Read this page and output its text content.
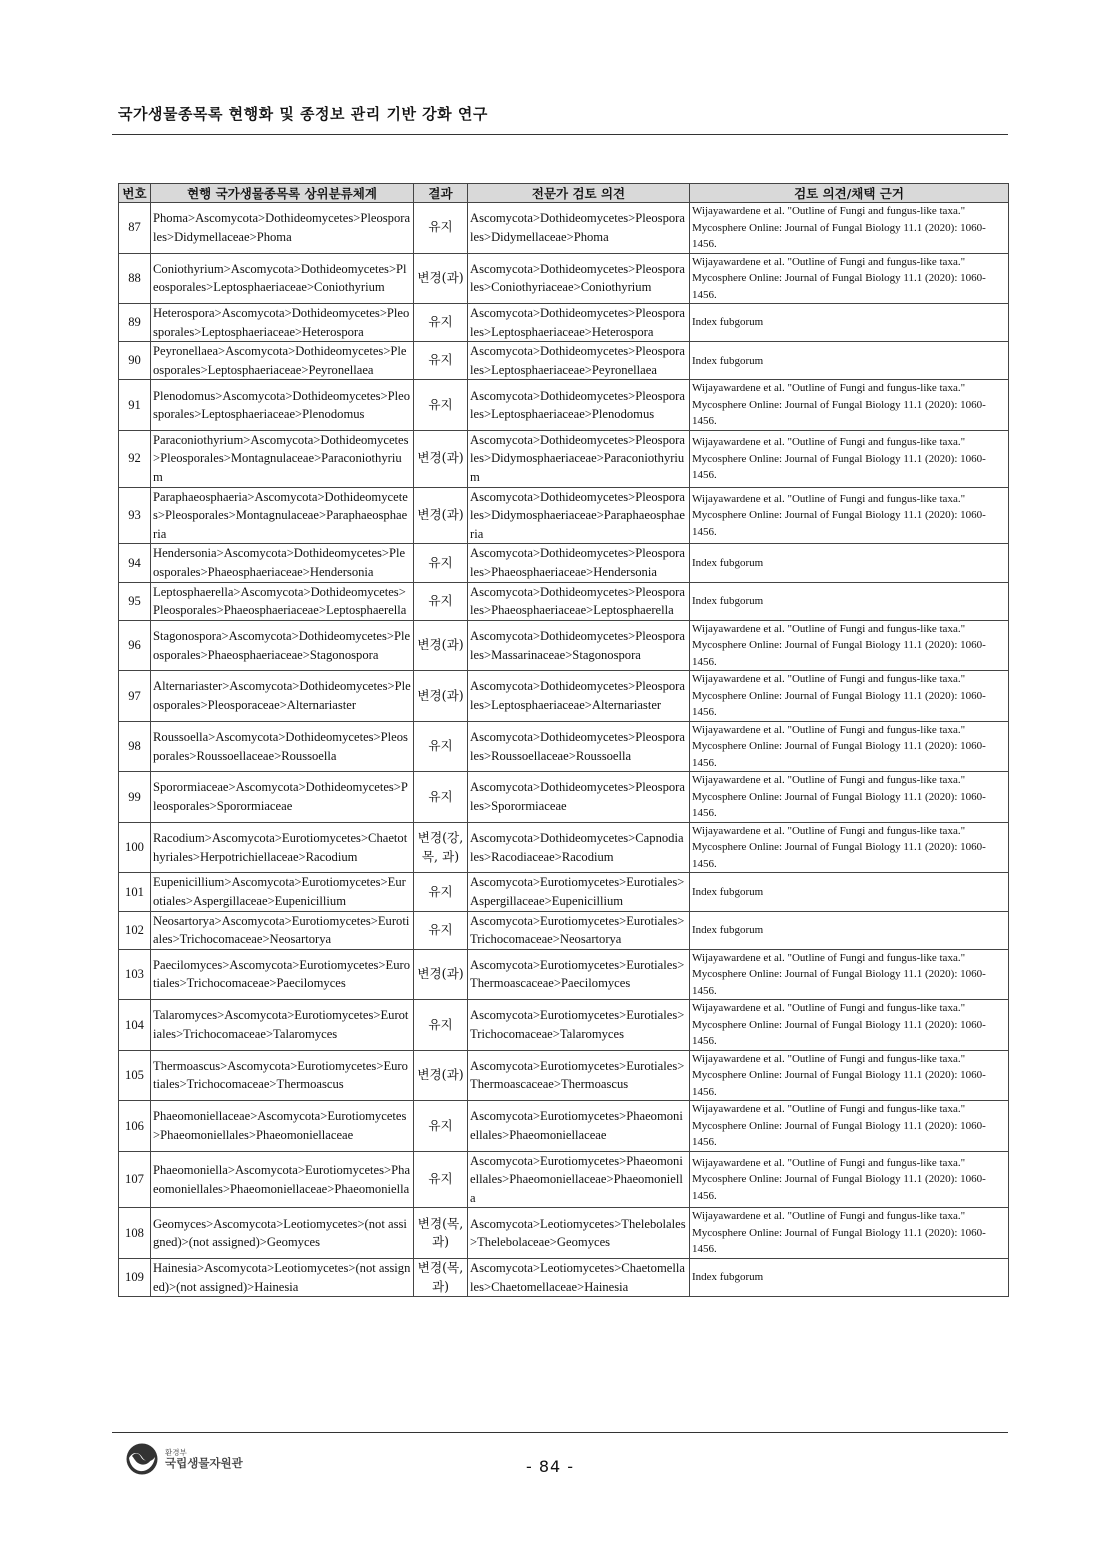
국가생물종목록 현행화 및 종정보 관리 기반 강화 연구
번호	현행 국가생물종목록 상위분류체계	결과	전문가 검토 의견	검토 의견/채택 근거
87	Phoma>Ascomycota>Dothideomycetes>Pleosporales>Didymellaceae>Phoma	유지	Ascomycota>Dothideomycetes>Pleosporales>Didymellaceae>Phoma	Wijayawardene et al. "Outline of Fungi and fungus-like taxa." Mycosphere Online: Journal of Fungal Biology 11.1 (2020): 1060-1456.
88	Coniothyrium>Ascomycota>Dothideomycetes>Pleosporales>Leptosphaeriaceae>Coniothyrium	변경(과)	Ascomycota>Dothideomycetes>Pleosporales>Coniothyriaceae>Coniothyrium	Wijayawardene et al. "Outline of Fungi and fungus-like taxa." Mycosphere Online: Journal of Fungal Biology 11.1 (2020): 1060-1456.
89	Heterospora>Ascomycota>Dothideomycetes>Pleosporales>Leptosphaeriaceae>Heterospora	유지	Ascomycota>Dothideomycetes>Pleosporales>Leptosphaeriaceae>Heterospora	Index fubgorum
90	Peyronellaea>Ascomycota>Dothideomycetes>Pleosporales>Leptosphaeriaceae>Peyronellaea	유지	Ascomycota>Dothideomycetes>Pleosporales>Leptosphaeriaceae>Peyronellaea	Index fubgorum
91	Plenodomus>Ascomycota>Dothideomycetes>Pleosporales>Leptosphaeriaceae>Plenodomus	유지	Ascomycota>Dothideomycetes>Pleosporales>Leptosphaeriaceae>Plenodomus	Wijayawardene et al. "Outline of Fungi and fungus-like taxa." Mycosphere Online: Journal of Fungal Biology 11.1 (2020): 1060-1456.
92	Paraconiothyrium>Ascomycota>Dothideomycetes>Pleosporales>Montagnulaceae>Paraconiothyrium	변경(과)	Ascomycota>Dothideomycetes>Pleosporales>Didymosphaeriaceae>Paraconiothyrium	Wijayawardene et al. "Outline of Fungi and fungus-like taxa." Mycosphere Online: Journal of Fungal Biology 11.1 (2020): 1060-1456.
93	Paraphaeosphaeria>Ascomycota>Dothideomycetes>Pleosporales>Montagnulaceae>Paraphaeosphaeria	변경(과)	Ascomycota>Dothideomycetes>Pleosporales>Didymosphaeriaceae>Paraphaeosphaeria	Wijayawardene et al. "Outline of Fungi and fungus-like taxa." Mycosphere Online: Journal of Fungal Biology 11.1 (2020): 1060-1456.
94	Hendersonia>Ascomycota>Dothideomycetes>Pleosporales>Phaeosphaeriaceae>Hendersonia	유지	Ascomycota>Dothideomycetes>Pleosporales>Phaeosphaeriaceae>Hendersonia	Index fubgorum
95	Leptosphaerella>Ascomycota>Dothideomycetes>Pleosporales>Phaeosphaeriaceae>Leptosphaerella	유지	Ascomycota>Dothideomycetes>Pleosporales>Phaeosphaeriaceae>Leptosphaerella	Index fubgorum
96	Stagonospora>Ascomycota>Dothideomycetes>Pleosporales>Phaeosphaeriaceae>Stagonospora	변경(과)	Ascomycota>Dothideomycetes>Pleosporales>Massarinaceae>Stagonospora	Wijayawardene et al. "Outline of Fungi and fungus-like taxa." Mycosphere Online: Journal of Fungal Biology 11.1 (2020): 1060-1456.
97	Alternariaster>Ascomycota>Dothideomycetes>Pleosporales>Pleosporaceae>Alternariaster	변경(과)	Ascomycota>Dothideomycetes>Pleosporales>Leptosphaeriaceae>Alternariaster	Wijayawardene et al. "Outline of Fungi and fungus-like taxa." Mycosphere Online: Journal of Fungal Biology 11.1 (2020): 1060-1456.
98	Roussoella>Ascomycota>Dothideomycetes>Pleosporales>Roussoellaceae>Roussoella	유지	Ascomycota>Dothideomycetes>Pleosporales>Roussoellaceae>Roussoella	Wijayawardene et al. "Outline of Fungi and fungus-like taxa." Mycosphere Online: Journal of Fungal Biology 11.1 (2020): 1060-1456.
99	Sporormiaceae>Ascomycota>Dothideomycetes>Pleosporales>Sporormiaceae	유지	Ascomycota>Dothideomycetes>Pleosporales>Sporormiaceae	Wijayawardene et al. "Outline of Fungi and fungus-like taxa." Mycosphere Online: Journal of Fungal Biology 11.1 (2020): 1060-1456.
100	Racodium>Ascomycota>Eurotiomycetes>Chaetothyriales>Herpotrichiellaceae>Racodium	변경(강, 목, 과)	Ascomycota>Dothideomycetes>Capnodiales>Racodiaceae>Racodium	Wijayawardene et al. "Outline of Fungi and fungus-like taxa." Mycosphere Online: Journal of Fungal Biology 11.1 (2020): 1060-1456.
101	Eupenicillium>Ascomycota>Eurotiomycetes>Eurotiales>Aspergillaceae>Eupenicillium	유지	Ascomycota>Eurotiomycetes>Eurotiales>Aspergillaceae>Eupenicillium	Index fubgorum
102	Neosartorya>Ascomycota>Eurotiomycetes>Eurotiales>Trichocomaceae>Neosartorya	유지	Ascomycota>Eurotiomycetes>Eurotiales>Trichocomaceae>Neosartorya	Index fubgorum
103	Paecilomyces>Ascomycota>Eurotiomycetes>Eurotiales>Trichocomaceae>Paecilomyces	변경(과)	Ascomycota>Eurotiomycetes>Eurotiales>Thermoascaceae>Paecilomyces	Wijayawardene et al. "Outline of Fungi and fungus-like taxa." Mycosphere Online: Journal of Fungal Biology 11.1 (2020): 1060-1456.
104	Talaromyces>Ascomycota>Eurotiomycetes>Eurotiales>Trichocomaceae>Talaromyces	유지	Ascomycota>Eurotiomycetes>Eurotiales>Trichocomaceae>Talaromyces	Wijayawardene et al. "Outline of Fungi and fungus-like taxa." Mycosphere Online: Journal of Fungal Biology 11.1 (2020): 1060-1456.
105	Thermoascus>Ascomycota>Eurotiomycetes>Eurotiales>Trichocomaceae>Thermoascus	변경(과)	Ascomycota>Eurotiomycetes>Eurotiales>Thermoascaceae>Thermoascus	Wijayawardene et al. "Outline of Fungi and fungus-like taxa." Mycosphere Online: Journal of Fungal Biology 11.1 (2020): 1060-1456.
106	Phaeomoniellaceae>Ascomycota>Eurotiomycetes>Phaeomoniellales>Phaeomoniellaceae	유지	Ascomycota>Eurotiomycetes>Phaeomoniellales>Phaeomoniellaceae	Wijayawardene et al. "Outline of Fungi and fungus-like taxa." Mycosphere Online: Journal of Fungal Biology 11.1 (2020): 1060-1456.
107	Phaeomoniella>Ascomycota>Eurotiomycetes>Phaeomoniellales>Phaeomoniellaceae>Phaeomoniella	유지	Ascomycota>Eurotiomycetes>Phaeomoniellales>Phaeomoniellaceae>Phaeomoniella	Wijayawardene et al. "Outline of Fungi and fungus-like taxa." Mycosphere Online: Journal of Fungal Biology 11.1 (2020): 1060-1456.
108	Geomyces>Ascomycota>Leotiomycetes>(not assigned)>(not assigned)>Geomyces	변경(목, 과)	Ascomycota>Leotiomycetes>Thelebolales>Thelebolaceae>Geomyces	Wijayawardene et al. "Outline of Fungi and fungus-like taxa." Mycosphere Online: Journal of Fungal Biology 11.1 (2020): 1060-1456.
109	Hainesia>Ascomycota>Leotiomycetes>(not assigned)>(not assigned)>Hainesia	변경(목, 과)	Ascomycota>Leotiomycetes>Chaetomellales>Chaetomellaceae>Hainesia	Index fubgorum
환경부
국립생물자원관	- 84 -
